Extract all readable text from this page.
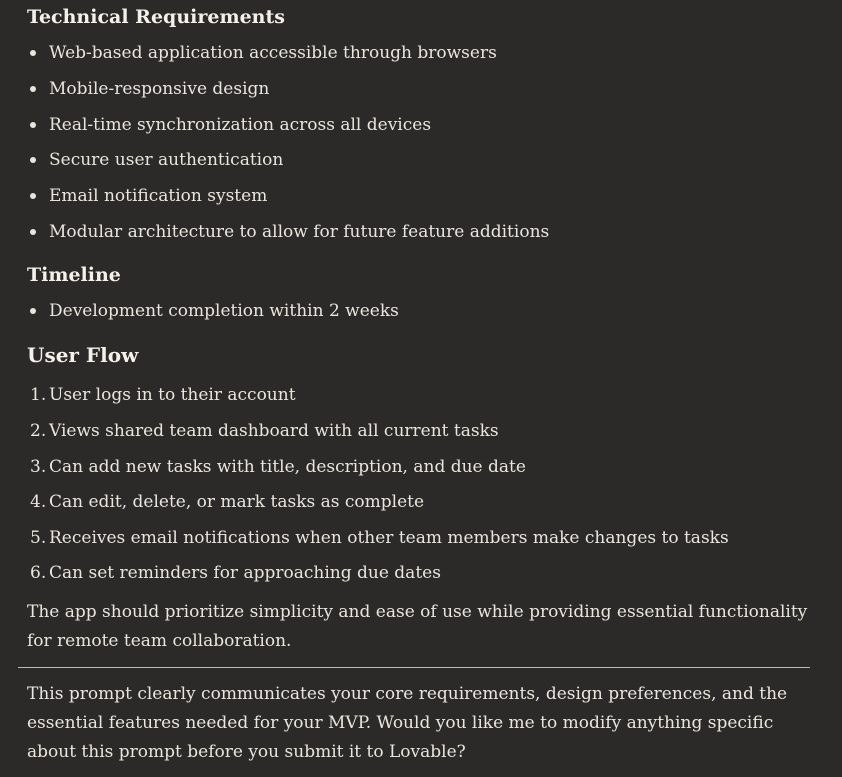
Technical Requirements
Web-based application accessible through browsers
Mobile-responsive design
Real-time synchronization across all devices
Secure user authentication
Email notification system
Modular architecture to allow for future feature additions
Timeline
Development completion within 2 weeks
User Flow
1. User logs in to their account
2. Views shared team dashboard with all current tasks
3. Can add new tasks with title, description, and due date
4. Can edit, delete, or mark tasks as complete
5. Receives email notifications when other team members make changes to tasks
6. Can set reminders for approaching due dates

The app should prioritize simplicity and ease of use while providing essential functionality for remote team collaboration.

This prompt clearly communicates your core requirements, design preferences, and the essential features needed for your MVP. Would you like me to modify anything specific about this prompt before you submit it to Lovable?
